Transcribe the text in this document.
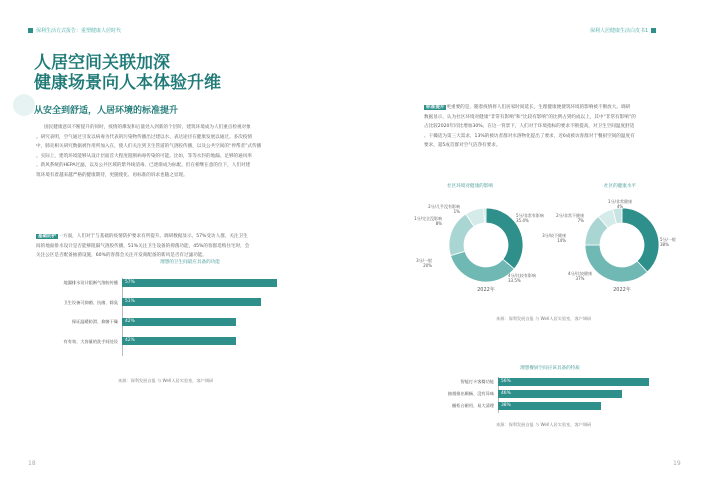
保利生活方式报告：重塑健康人居时代	保利人居健康生活白皮书1
人居空间关联加深
健康场景向人本体验升维
从安全到舒适，人居环境的标准提升
国民健康意识不断提升的同时，疫情的爆发和后量处入到新的个层阶，建筑环境成为人们重点检视对象
。研究表明，空气通过引发以病毒为代表的污染物传播出过建以水、表达途径在健康发展以通过。多次疫情
中，肺炎相关研究数据被作用所加入在，使人们关注到卫生管道的气溶胶传播，以及公共空间的“停帮者”式传播
。实际上，建筑环境能够从设计层面首大程度阻断病毒传染的可能。比如，等等水封的地漏、足够的通风率
、新风系统的HEPA过滤，以及公共区域的紫外线消毒、已逐渐成为标配。但在相继在意的位下，人们对建
筑环境有着越来越严格的健康期待，更随使化、再标准的诉求也随之显现。
基础防护 一方面，人们对于与基础的疫情防护要求有所提升。调研数据显示，57%受访人群，关注卫生
间的地面排水设计是否能够阻隔气溶胶传播，51%关注卫生设备的抑菌功能，45%的客群选购住宅时，会
关注公区是否配备抽菌设施，60%的客群会关注开发商配备的新风是否有过滤功能。
理想的卫生间最应具备的功能
地漏排水设计阻断气溶胶传播 57%
卫生设备可抑菌、抗菌、除臭 51%
保证温暖防滑、抑菌干燥 42%
有有效、大容量的洗手间处设 42%
来源：保利发展自报 与 Well人居实验室，客户调研
标准提升 更重要的是，随着疫情将人们居家时间延长，生理健康便捷筑环境的影响被不断放大。调研
数据显示，认为社区环境对健康“非常有影响”和“比较有影响”的比例占到约成以上，其中“非常有影响”的
占比较2020年同比增加30%。在这一背景下，人们对于环境指标的要求不断提高，对卫生空间温度舒适
、干燥适为第三大需求，13%的被访者群对水溶物化提出了要求，近6成被访客群对于餐厨空间的温度有
要求，超5成首群对空气洁净有要求。
社区环境对健康的影响	社区的健康水平
5分/非常有影响
35.4%
4分/比较有影响
33.5%
3分/一般
20%
1分/完全没影响
8%
2分/几乎没有影响
1%
2022年
5分/一般
38%
4分/比较健康
37%
3分/较不健康
14%
2分/非常不健康
7%
1分/非常健康
4%
2022年
来源：保利发展自报 与 Well人居实验室，客户调研
理想餐厨空间应该具备的特质
智能打卡客餐功能 56%
抽烟排出顺畅、没有异味 46%
橱柜台耐用、易大清理 38%
来源：保利发展自报 与 Well人居实验室，客户调研
18	19
